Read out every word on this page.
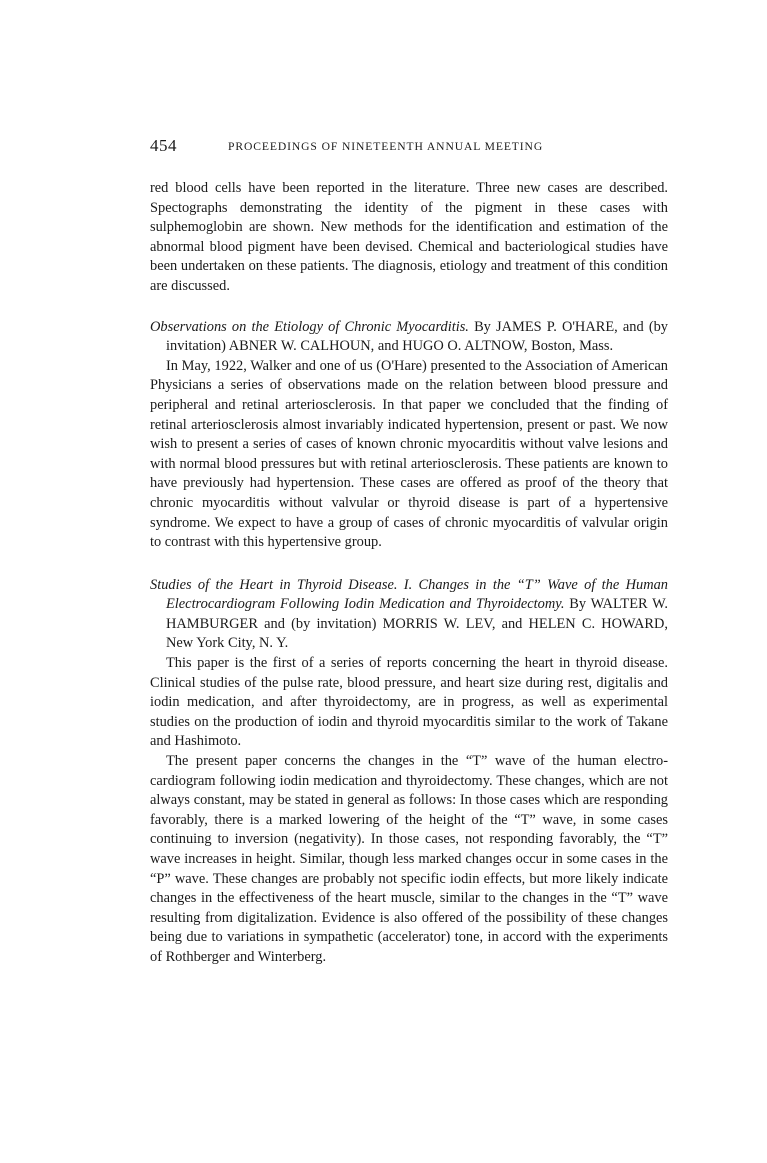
454	PROCEEDINGS OF NINETEENTH ANNUAL MEETING

red blood cells have been reported in the literature. Three new cases are described. Spectographs demonstrating the identity of the pigment in these cases with sulphemoglobin are shown. New methods for the identification and estimation of the abnormal blood pigment have been devised. Chemical and bacteriological studies have been undertaken on these patients. The diagnosis, etiology and treatment of this condition are discussed.

Observations on the Etiology of Chronic Myocarditis. By JAMES P. O'HARE, and (by invitation) ABNER W. CALHOUN, and HUGO O. ALTNOW, Boston, Mass.

In May, 1922, Walker and one of us (O'Hare) presented to the Association of American Physicians a series of observations made on the relation between blood pressure and peripheral and retinal arteriosclerosis. In that paper we concluded that the finding of retinal arteriosclerosis almost invariably indicated hypertension, present or past. We now wish to present a series of cases of known chronic myocarditis without valve lesions and with normal blood pressures but with retinal arteriosclerosis. These patients are known to have previously had hypertension. These cases are offered as proof of the theory that chronic myocarditis without valvular or thyroid disease is part of a hypertensive syndrome. We expect to have a group of cases of chronic myocarditis of valvular origin to contrast with this hypertensive group.

Studies of the Heart in Thyroid Disease. I. Changes in the “T” Wave of the Human Electrocardiogram Following Iodin Medication and Thyroidectomy. By WALTER W. HAMBURGER and (by invitation) MORRIS W. LEV, and HELEN C. HOWARD, New York City, N. Y.

This paper is the first of a series of reports concerning the heart in thyroid disease. Clinical studies of the pulse rate, blood pressure, and heart size during rest, digitalis and iodin medication, and after thyroidectomy, are in progress, as well as experimental studies on the production of iodin and thyroid myocarditis similar to the work of Takane and Hashimoto.

The present paper concerns the changes in the “T” wave of the human electrocardiogram following iodin medication and thyroidectomy. These changes, which are not always constant, may be stated in general as follows: In those cases which are responding favorably, there is a marked lowering of the height of the “T” wave, in some cases continuing to inversion (negativity). In those cases, not responding favorably, the “T” wave increases in height. Similar, though less marked changes occur in some cases in the “P” wave. These changes are probably not specific iodin effects, but more likely indicate changes in the effectiveness of the heart muscle, similar to the changes in the “T” wave resulting from digitalization. Evidence is also offered of the possibility of these changes being due to variations in sympathetic (accelerator) tone, in accord with the experiments of Rothberger and Winterberg.
